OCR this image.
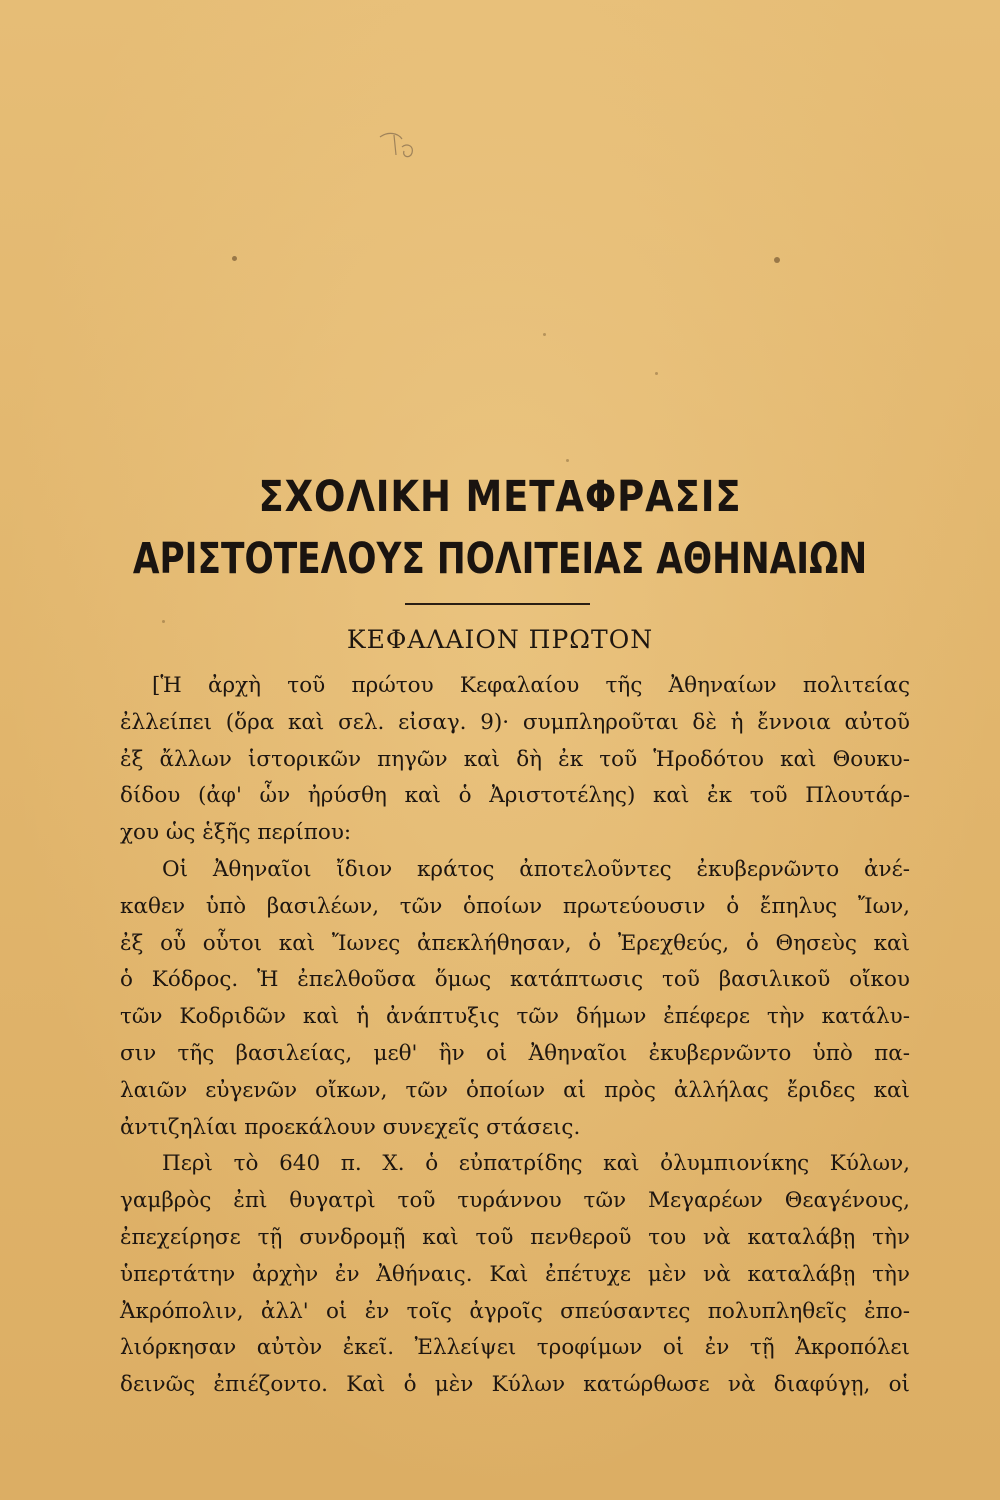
ΣΧΟΛΙΚΗ ΜΕΤΑΦΡΑΣΙΣ
ΑΡΙΣΤΟΤΕΛΟΥΣ ΠΟΛΙΤΕΙΑΣ ΑΘΗΝΑΙΩΝ
ΚΕΦΑΛΑΙΟΝ ΠΡΩΤΟΝ
[Ἡ ἀρχὴ τοῦ πρώτου Κεφαλαίου τῆς Ἀθηναίων πολιτείας
ἐλλείπει (ὅρα καὶ σελ. εἰσαγ. 9)· συμπληροῦται δὲ ἡ ἔννοια αὐτοῦ
ἐξ ἄλλων ἱστορικῶν πηγῶν καὶ δὴ ἐκ τοῦ Ἡροδότου καὶ Θουκυ-
δίδου (ἀφ' ὧν ἠρύσθη καὶ ὁ Ἀριστοτέλης) καὶ ἐκ τοῦ Πλουτάρ-
χου ὡς ἑξῆς περίπου:
Οἱ Ἀθηναῖοι ἴδιον κράτος ἀποτελοῦντες ἐκυβερνῶντο ἀνέ-
καθεν ὑπὸ βασιλέων, τῶν ὁποίων πρωτεύουσιν ὁ ἔπηλυς Ἴων,
ἐξ οὗ οὗτοι καὶ Ἴωνες ἀπεκλήθησαν, ὁ Ἐρεχθεύς, ὁ Θησεὺς καὶ
ὁ Κόδρος. Ἡ ἐπελθοῦσα ὅμως κατάπτωσις τοῦ βασιλικοῦ οἴκου
τῶν Κοδριδῶν καὶ ἡ ἀνάπτυξις τῶν δήμων ἐπέφερε τὴν κατάλυ-
σιν τῆς βασιλείας, μεθ' ἣν οἱ Ἀθηναῖοι ἐκυβερνῶντο ὑπὸ πα-
λαιῶν εὐγενῶν οἴκων, τῶν ὁποίων αἱ πρὸς ἀλλήλας ἔριδες καὶ
ἀντιζηλίαι προεκάλουν συνεχεῖς στάσεις.
Περὶ τὸ 640 π. Χ. ὁ εὐπατρίδης καὶ ὀλυμπιονίκης Κύλων,
γαμβρὸς ἐπὶ θυγατρὶ τοῦ τυράννου τῶν Μεγαρέων Θεαγένους,
ἐπεχείρησε τῇ συνδρομῇ καὶ τοῦ πενθεροῦ του νὰ καταλάβῃ τὴν
ὑπερτάτην ἀρχὴν ἐν Ἀθήναις. Καὶ ἐπέτυχε μὲν νὰ καταλάβῃ τὴν
Ἀκρόπολιν, ἀλλ' οἱ ἐν τοῖς ἀγροῖς σπεύσαντες πολυπληθεῖς ἐπο-
λιόρκησαν αὐτὸν ἐκεῖ. Ἐλλείψει τροφίμων οἱ ἐν τῇ Ἀκροπόλει
δεινῶς ἐπιέζοντο. Καὶ ὁ μὲν Κύλων κατώρθωσε νὰ διαφύγῃ, οἱ
